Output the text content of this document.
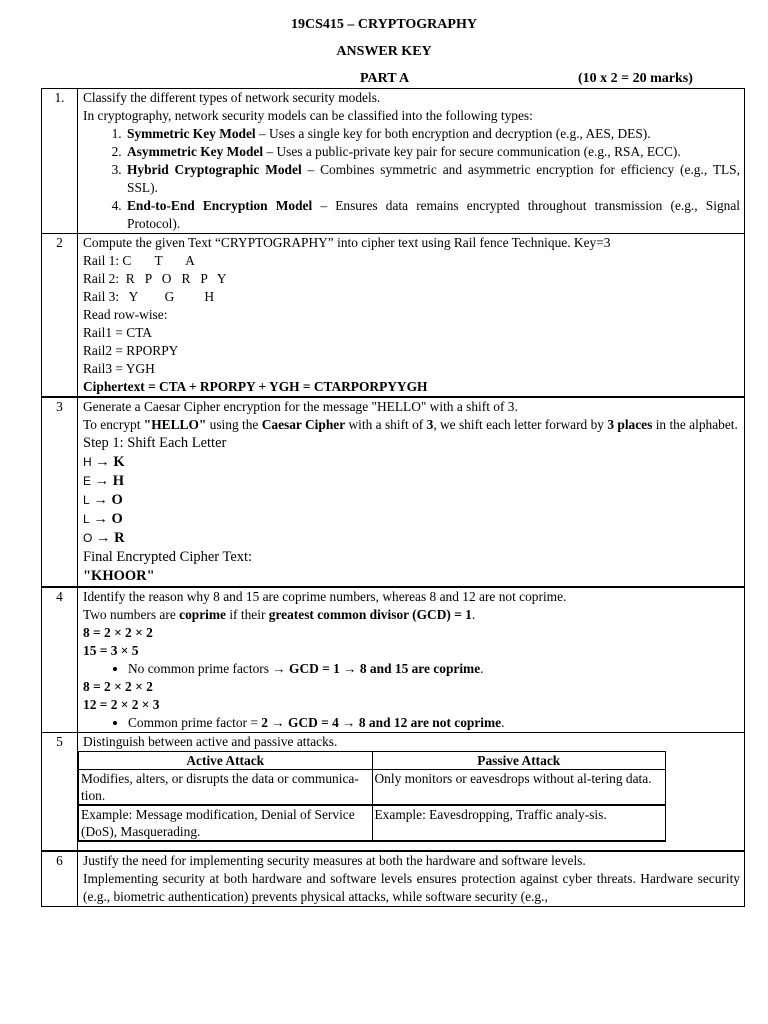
19CS415 – CRYPTOGRAPHY
ANSWER KEY
PART A	(10 x 2 = 20 marks)
1.	Classify the different types of network security models.
In cryptography, network security models can be classified into the following types:
1. Symmetric Key Model – Uses a single key for both encryption and decryption (e.g., AES, DES).
2. Asymmetric Key Model – Uses a public-private key pair for secure communication (e.g., RSA, ECC).
3. Hybrid Cryptographic Model – Combines symmetric and asymmetric encryption for efficiency (e.g., TLS, SSL).
4. End-to-End Encryption Model – Ensures data remains encrypted throughout transmission (e.g., Signal Protocol).

2	Compute the given Text “CRYPTOGRAPHY” into cipher text using Rail fence Technique. Key=3
Rail 1: C       T       A
Rail 2:  R   P   O   R   P   Y
Rail 3:   Y        G         H
Read row-wise:
Rail1 = CTA
Rail2 = RPORPY
Rail3 = YGH
Ciphertext = CTA + RPORPY + YGH = CTARPORPYYGH

3	Generate a Caesar Cipher encryption for the message "HELLO" with a shift of 3.
To encrypt "HELLO" using the Caesar Cipher with a shift of 3, we shift each letter forward by 3 places in the alphabet.
Step 1: Shift Each Letter
H → K
E → H
L → O
L → O
O → R
Final Encrypted Cipher Text:
"KHOOR"

4	Identify the reason why 8 and 15 are coprime numbers, whereas 8 and 12 are not coprime.
Two numbers are coprime if their greatest common divisor (GCD) = 1.
8 = 2 × 2 × 2
15 = 3 × 5
• No common prime factors → GCD = 1 → 8 and 15 are coprime.
8 = 2 × 2 × 2
12 = 2 × 2 × 3
• Common prime factor = 2 → GCD = 4 → 8 and 12 are not coprime.

5	Distinguish between active and passive attacks.
Active Attack	Passive Attack
Modifies, alters, or disrupts the data or communica-tion.	Only monitors or eavesdrops without al-tering data.
Example: Message modification, Denial of Service (DoS), Masquerading.	Example: Eavesdropping, Traffic analy-sis.

6	Justify the need for implementing security measures at both the hardware and software levels.
Implementing security at both hardware and software levels ensures protection against cyber threats. Hardware security (e.g., biometric authentication) prevents physical attacks, while software security (e.g.,
